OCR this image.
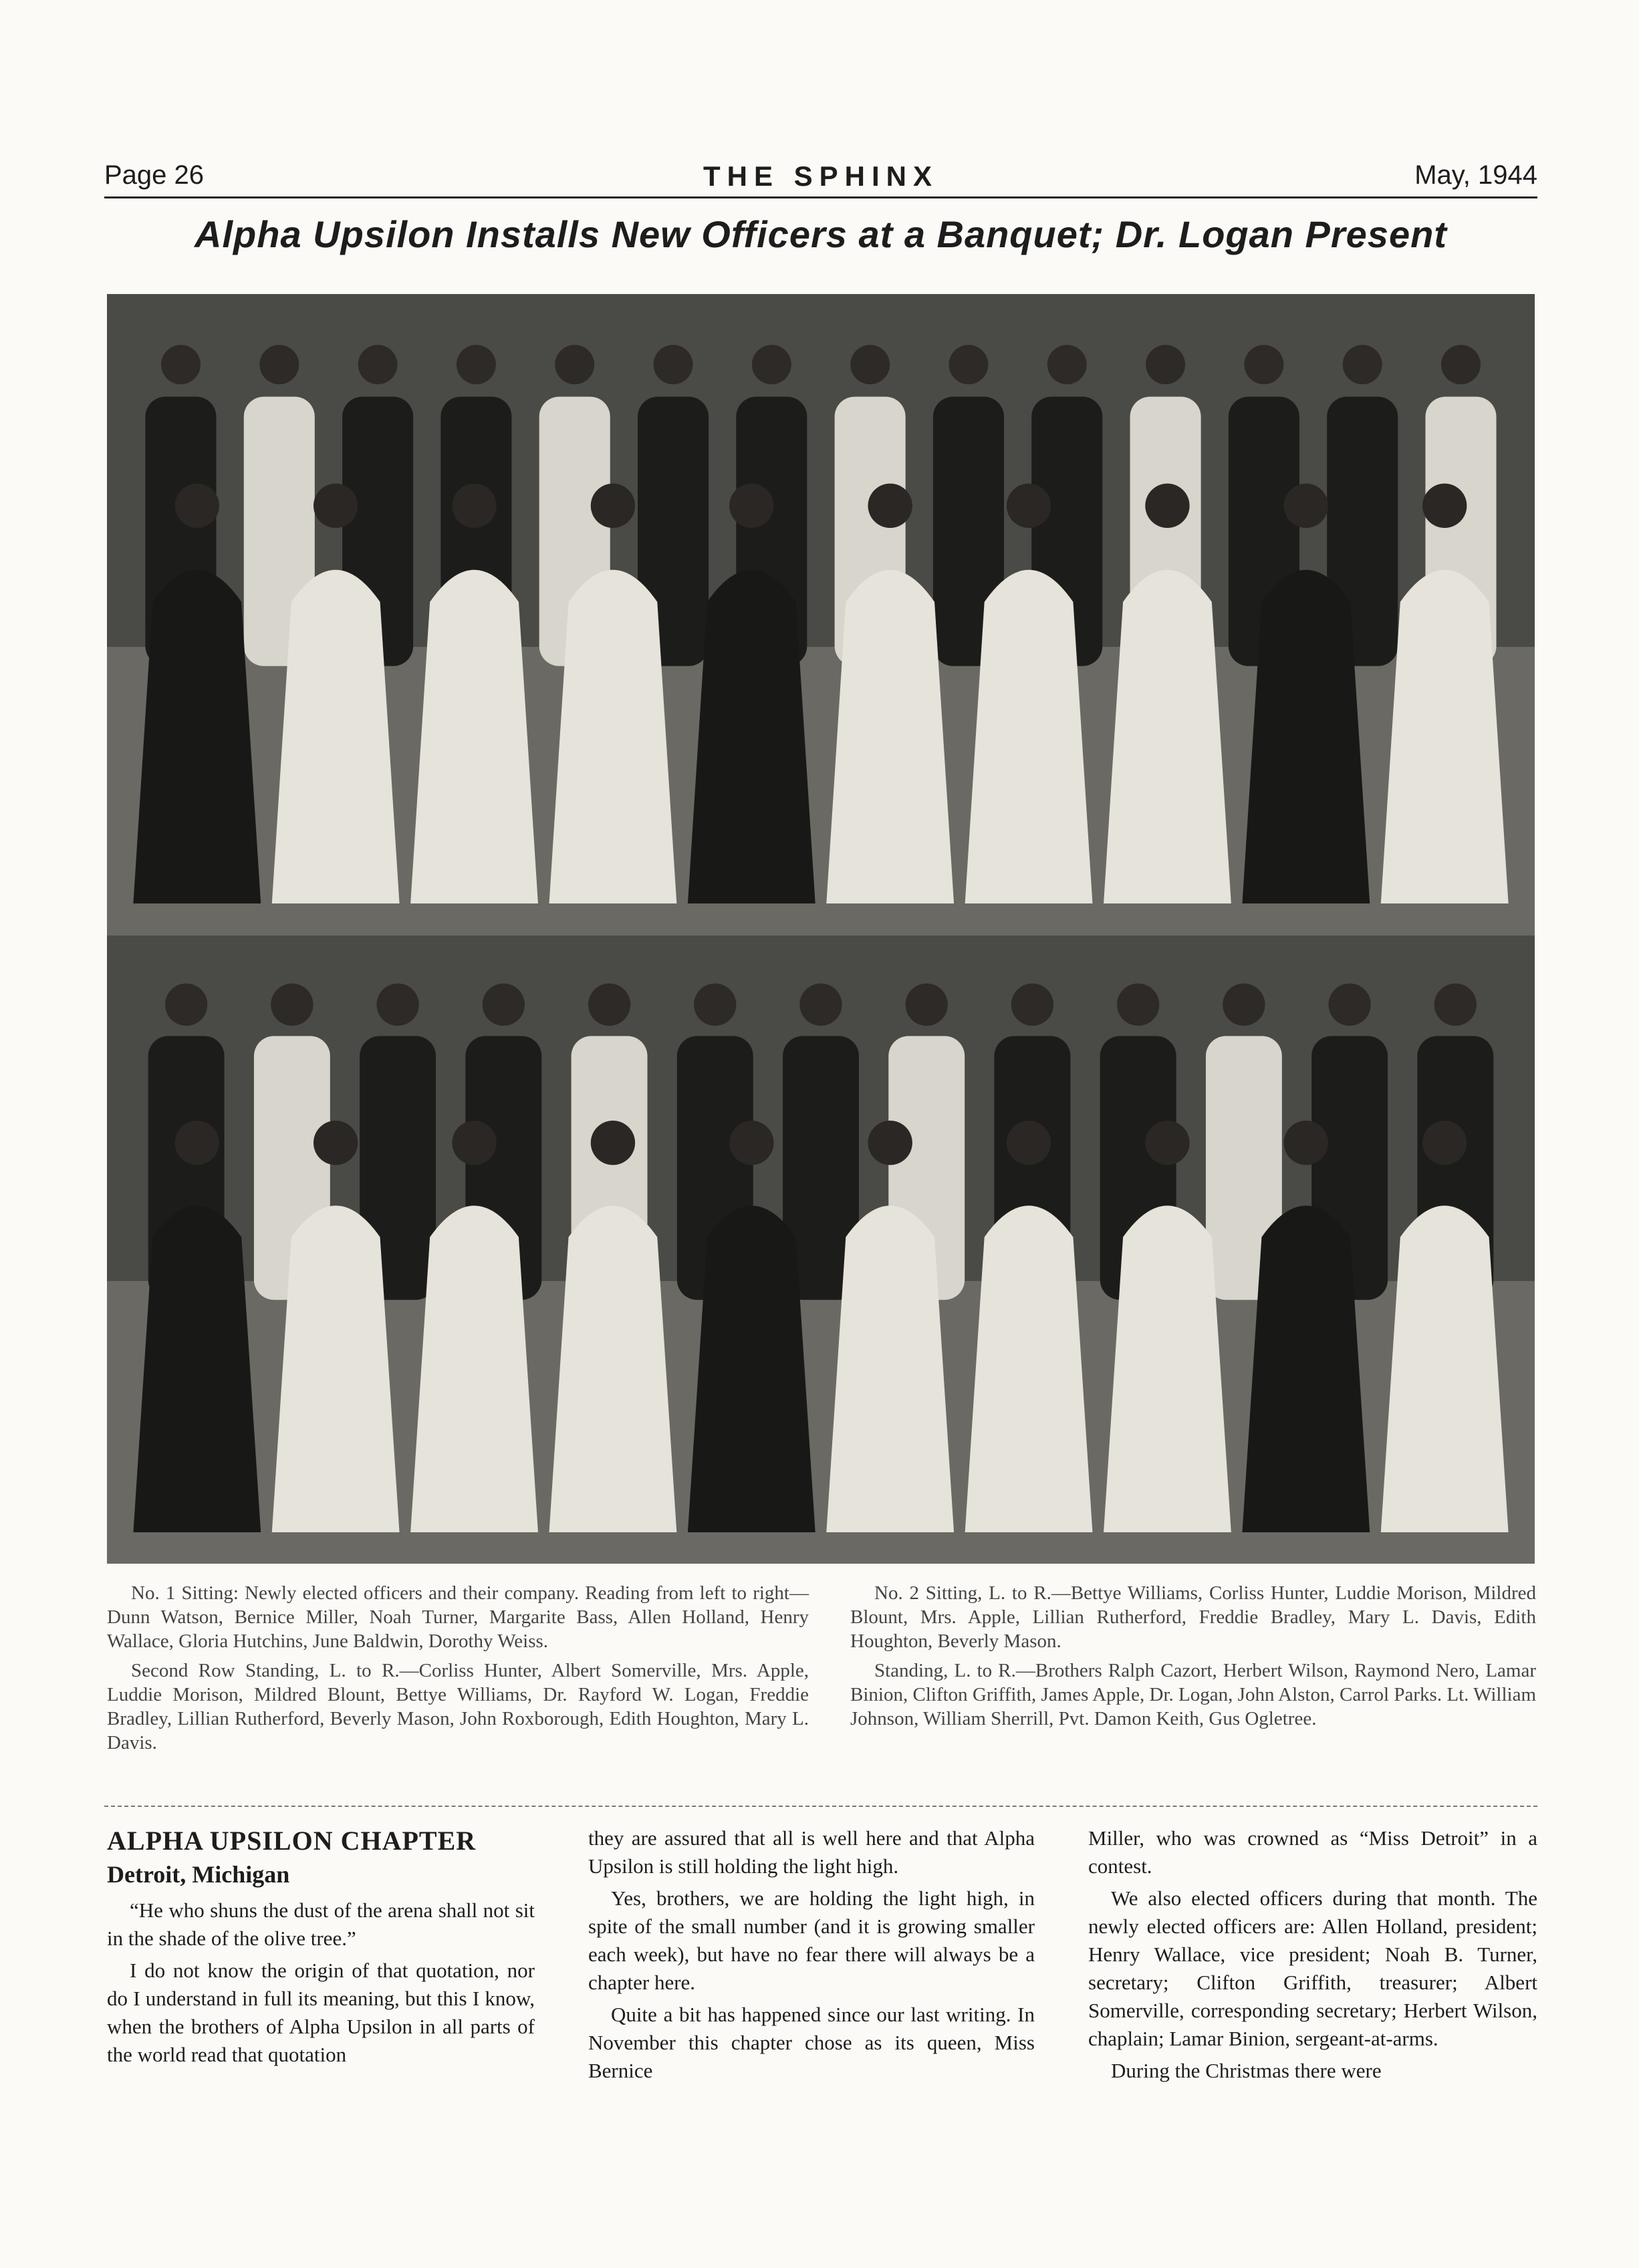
Page 26	THE SPHINX	May, 1944
Alpha Upsilon Installs New Officers at a Banquet; Dr. Logan Present

No. 1 Sitting: Newly elected officers and their company. Reading from left to right—Dunn Watson, Bernice Miller, Noah Turner, Margarite Bass, Allen Holland, Henry Wallace, Gloria Hutchins, June Baldwin, Dorothy Weiss.

Second Row Standing, L. to R.—Corliss Hunter, Albert Somerville, Mrs. Apple, Luddie Morison, Mildred Blount, Bettye Williams, Dr. Rayford W. Logan, Freddie Bradley, Lillian Rutherford, Beverly Mason, John Roxborough, Edith Houghton, Mary L. Davis.

No. 2 Sitting, L. to R.—Bettye Williams, Corliss Hunter, Luddie Morison, Mildred Blount, Mrs. Apple, Lillian Rutherford, Freddie Bradley, Mary L. Davis, Edith Houghton, Beverly Mason.

Standing, L. to R.—Brothers Ralph Cazort, Herbert Wilson, Raymond Nero, Lamar Binion, Clifton Griffith, James Apple, Dr. Logan, John Alston, Carrol Parks. Lt. William Johnson, William Sherrill, Pvt. Damon Keith, Gus Ogletree.

ALPHA UPSILON CHAPTER

Detroit, Michigan

“He who shuns the dust of the arena shall not sit in the shade of the olive tree.”

I do not know the origin of that quotation, nor do I understand in full its meaning, but this I know, when the brothers of Alpha Upsilon in all parts of the world read that quotation

they are assured that all is well here and that Alpha Upsilon is still holding the light high.

Yes, brothers, we are holding the light high, in spite of the small number (and it is growing smaller each week), but have no fear there will always be a chapter here.

Quite a bit has happened since our last writing. In November this chapter chose as its queen, Miss Bernice

Miller, who was crowned as “Miss Detroit” in a contest.

We also elected officers during that month. The newly elected officers are: Allen Holland, president; Henry Wallace, vice president; Noah B. Turner, secretary; Clifton Griffith, treasurer; Albert Somerville, corresponding secretary; Herbert Wilson, chaplain; Lamar Binion, sergeant-at-arms.

During the Christmas there were
